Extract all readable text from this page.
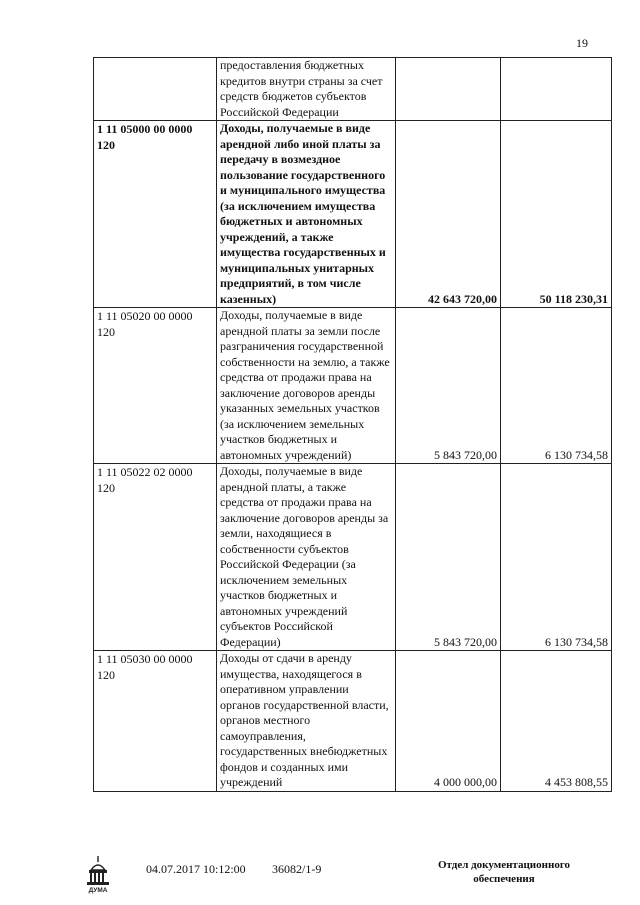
19
	предоставления бюджетных кредитов внутри страны за счет средств бюджетов субъектов Российской Федерации		
1 11 05000 00 0000 120	Доходы, получаемые в виде арендной либо иной платы за передачу в возмездное пользование государственного и муниципального имущества (за исключением имущества бюджетных и автономных учреждений, а также имущества государственных и муниципальных унитарных предприятий, в том числе казенных)	42 643 720,00	50 118 230,31
1 11 05020 00 0000 120	Доходы, получаемые в виде арендной платы за земли после разграничения государственной собственности на землю, а также средства от продажи права на заключение договоров аренды указанных земельных участков (за исключением земельных участков бюджетных и автономных учреждений)	5 843 720,00	6 130 734,58
1 11 05022 02 0000 120	Доходы, получаемые в виде арендной платы, а также средства от продажи права на заключение договоров аренды за земли, находящиеся в собственности субъектов Российской Федерации (за исключением земельных участков бюджетных и автономных учреждений субъектов Российской Федерации)	5 843 720,00	6 130 734,58
1 11 05030 00 0000 120	Доходы от сдачи в аренду имущества, находящегося в оперативном управлении органов государственной власти, органов местного самоуправления, государственных внебюджетных фондов и созданных ими учреждений	4 000 000,00	4 453 808,55
ДУМА
04.07.2017 10:12:00 36082/1-9	Отдел документационного
обеспечения
